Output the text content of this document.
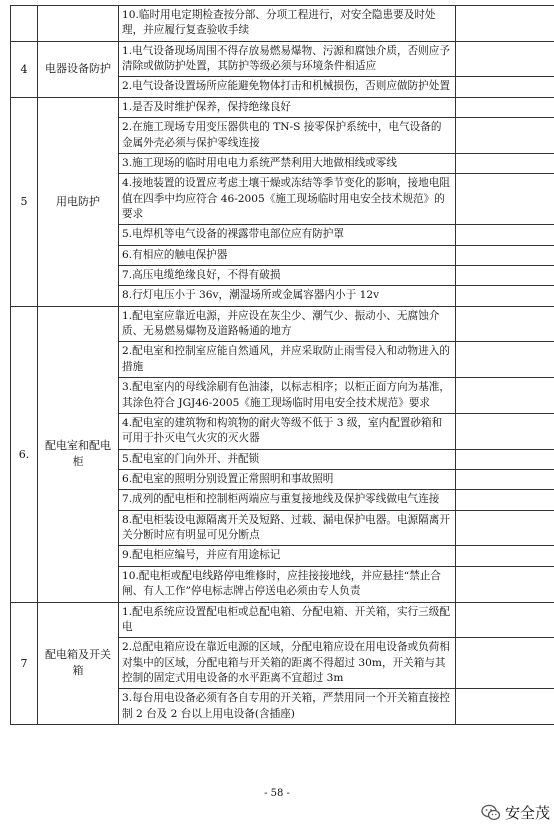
		10.临时用电定期检查按分部、分项工程进行，对安全隐患要及时处理，并应履行复查验收手续	
4	电器设备防护	1.电气设备现场周围不得存放易燃易爆物、污源和腐蚀介质，否则应予清除或做防护处置，其防护等级必须与环境条件相适应	
		2.电气设备设置场所应能避免物体打击和机械损伤，否则应做防护处置	
5	用电防护	1.是否及时维护保养，保持绝缘良好	
		2.在施工现场专用变压器供电的 TN-S 接零保护系统中，电气设备的金属外壳必须与保护零线连接	
		3.施工现场的临时用电电力系统严禁利用大地做相线或零线	
		4.接地装置的设置应考虑土壤干燥或冻结等季节变化的影响，接地电阻值在四季中均应符合 46-2005《施工现场临时用电安全技术规范》的要求	
		5.电焊机等电气设备的裸露带电部位应有防护罩	
		6.有相应的触电保护器	
		7.高压电缆绝缘良好，不得有破损	
		8.行灯电压小于 36v，潮湿场所或金属容器内小于 12v	
6.	配电室和配电柜	1.配电室应靠近电源，并应设在灰尘少、潮气少、振动小、无腐蚀介质、无易燃易爆物及道路畅通的地方	
		2.配电室和控制室应能自然通风，并应采取防止雨雪侵入和动物进入的措施	
		3.配电室内的母线涂刷有色油漆，以标志相序；以柜正面方向为基准，其涂色符合 JGJ46-2005《施工现场临时用电安全技术规范》要求	
		4.配电室的建筑物和构筑物的耐火等级不低于 3 级，室内配置砂箱和可用于扑灭电气火灾的灭火器	
		5.配电室的门向外开、并配锁	
		6.配电室的照明分别设置正常照明和事故照明	
		7.成列的配电柜和控制柜两端应与重复接地线及保护零线做电气连接	
		8.配电柜装设电源隔离开关及短路、过载、漏电保护电器。电源隔离开关分断时应有明显可见分断点	
		9.配电柜应编号，并应有用途标记	
		10.配电柜或配电线路停电维修时，应挂接接地线，并应悬挂“禁止合闸、有人工作”停电标志牌占停送电必须由专人负责	
7	配电箱及开关箱	1.配电系统应设置配电柜或总配电箱、分配电箱、开关箱，实行三级配电	
		2.总配电箱应设在靠近电源的区域，分配电箱应设在用电设备或负荷相对集中的区域，分配电箱与开关箱的距离不得超过 30m，开关箱与其控制的固定式用电设备的水平距离不宜超过 3m	
		3.每台用电设备必须有各自专用的开关箱，严禁用同一个开关箱直接控制 2 台及 2 台以上用电设备(含插座)	
- 58 -
安全茂
